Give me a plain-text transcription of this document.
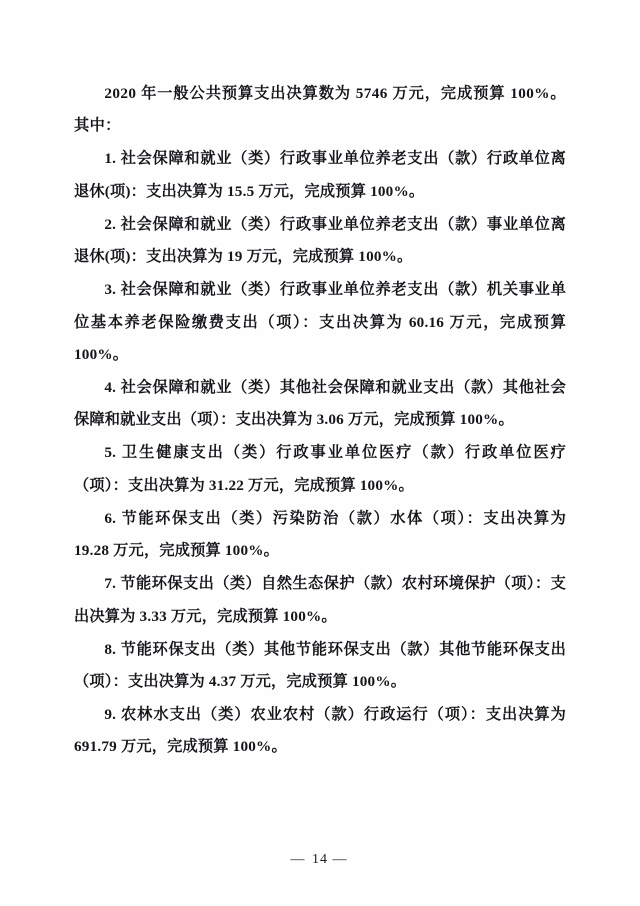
2020 年一般公共预算支出决算数为 5746 万元，完成预算 100%。其中：

1. 社会保障和就业（类）行政事业单位养老支出（款）行政单位离退休(项)：支出决算为 15.5 万元，完成预算 100%。

2. 社会保障和就业（类）行政事业单位养老支出（款）事业单位离退休(项)：支出决算为 19 万元，完成预算 100%。

3. 社会保障和就业（类）行政事业单位养老支出（款）机关事业单位基本养老保险缴费支出（项）：支出决算为 60.16 万元，完成预算 100%。

4. 社会保障和就业（类）其他社会保障和就业支出（款）其他社会保障和就业支出（项）：支出决算为 3.06 万元，完成预算 100%。

5. 卫生健康支出（类）行政事业单位医疗（款）行政单位医疗（项）：支出决算为 31.22 万元，完成预算 100%。

6. 节能环保支出（类）污染防治（款）水体（项）：支出决算为 19.28 万元，完成预算 100%。

7. 节能环保支出（类）自然生态保护（款）农村环境保护（项）：支出决算为 3.33 万元，完成预算 100%。

8. 节能环保支出（类）其他节能环保支出（款）其他节能环保支出（项）：支出决算为 4.37 万元，完成预算 100%。

9. 农林水支出（类）农业农村（款）行政运行（项）：支出决算为 691.79 万元，完成预算 100%。

— 14 —
